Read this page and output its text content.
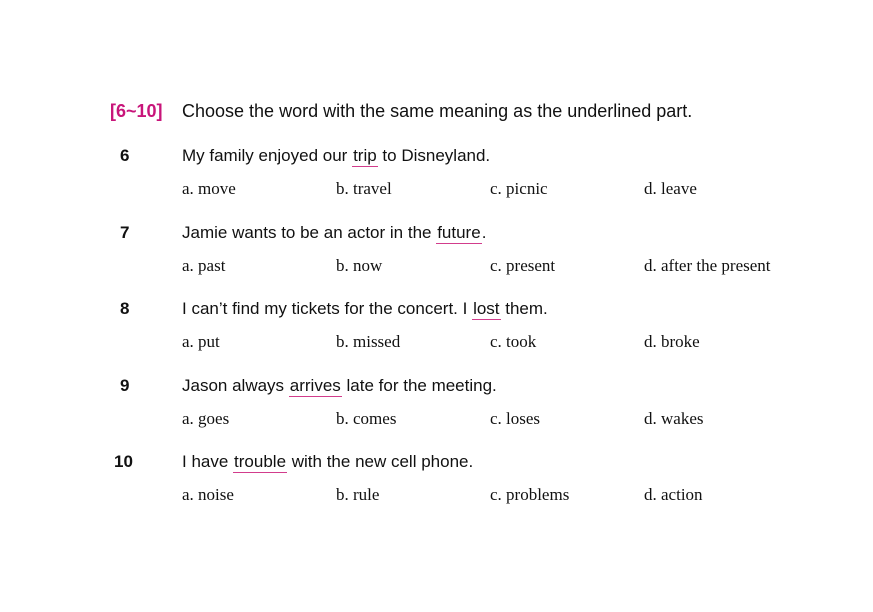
[6~10]	Choose the word with the same meaning as the underlined part.
6	My family enjoyed our trip to Disneyland.
a. move	b. travel	c. picnic	d. leave
7	Jamie wants to be an actor in the future.
a. past	b. now	c. present	d. after the present
8	I can’t find my tickets for the concert. I lost them.
a. put	b. missed	c. took	d. broke
9	Jason always arrives late for the meeting.
a. goes	b. comes	c. loses	d. wakes
10	I have trouble with the new cell phone.
a. noise	b. rule	c. problems	d. action
